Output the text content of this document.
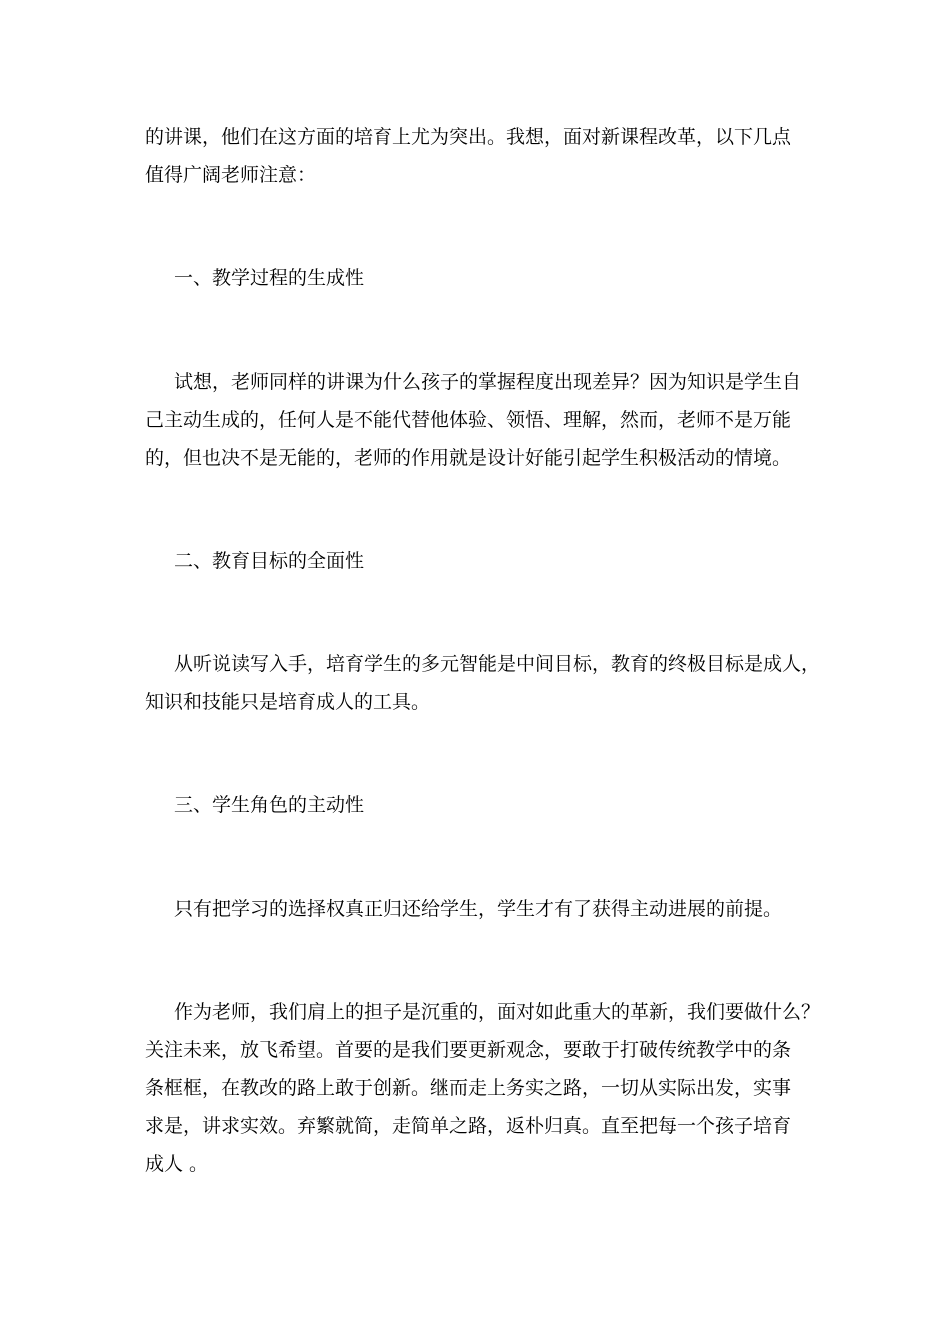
的讲课，他们在这方面的培育上尤为突出。我想，面对新课程改革，以下几点
值得广阔老师注意：
一、教学过程的生成性
试想，老师同样的讲课为什么孩子的掌握程度出现差异？因为知识是学生自
己主动生成的，任何人是不能代替他体验、领悟、理解，然而，老师不是万能
的，但也决不是无能的，老师的作用就是设计好能引起学生积极活动的情境。
二、教育目标的全面性
从听说读写入手，培育学生的多元智能是中间目标，教育的终极目标是成人，
知识和技能只是培育成人的工具。
三、学生角色的主动性
只有把学习的选择权真正归还给学生，学生才有了获得主动进展的前提。
作为老师，我们肩上的担子是沉重的，面对如此重大的革新，我们要做什么？
关注未来，放飞希望。首要的是我们要更新观念，要敢于打破传统教学中的条
条框框，在教改的路上敢于创新。继而走上务实之路，一切从实际出发，实事
求是，讲求实效。弃繁就简，走简单之路，返朴归真。直至把每一个孩子培育
成人 。
